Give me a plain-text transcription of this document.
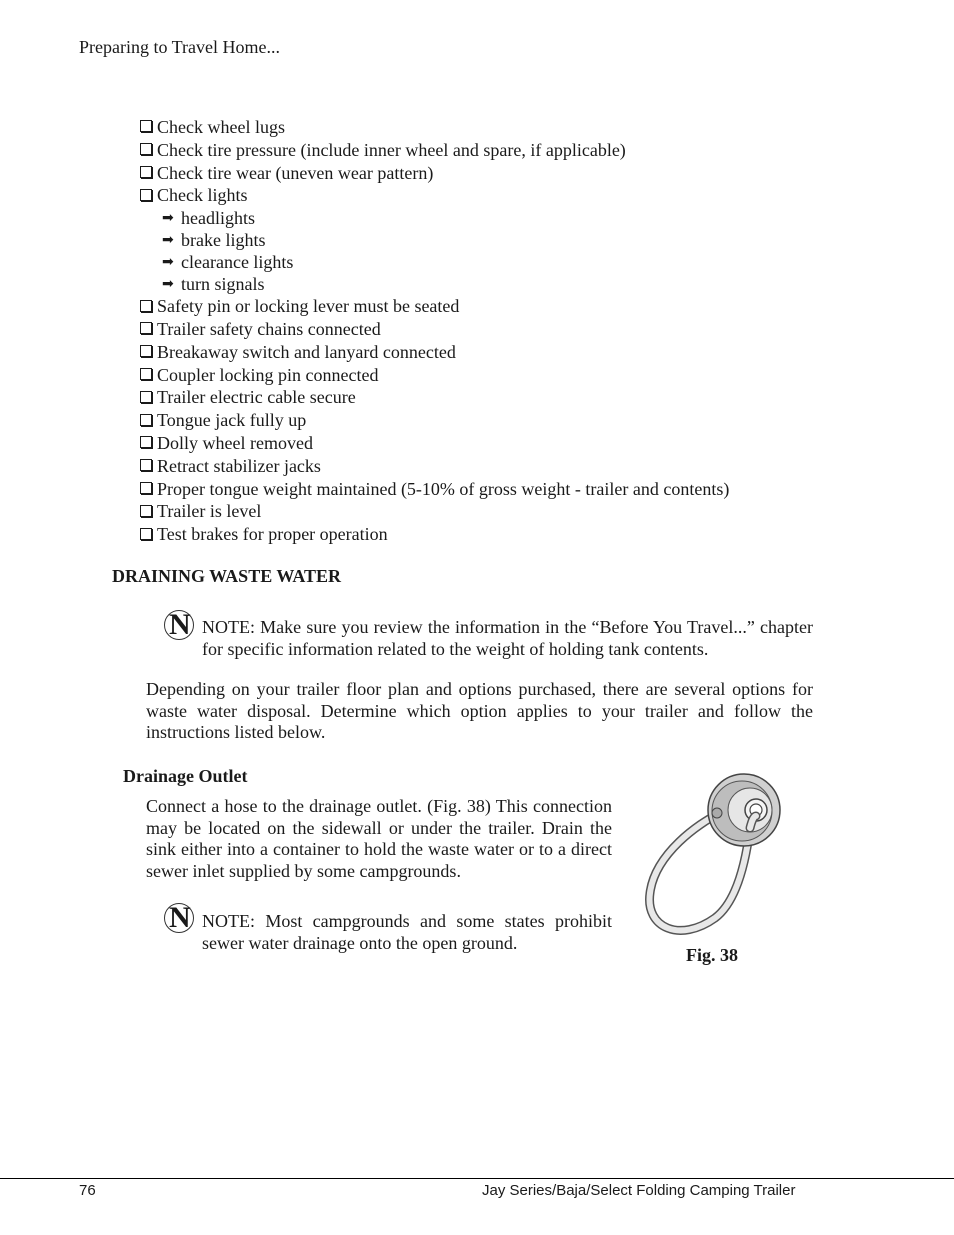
Preparing to Travel Home...
Check wheel lugs
Check tire pressure (include inner wheel and spare, if applicable)
Check tire wear (uneven wear pattern)
Check lights
➡ headlights
➡ brake lights
➡ clearance lights
➡ turn signals
Safety pin or locking lever must be seated
Trailer safety chains connected
Breakaway switch and lanyard connected
Coupler locking pin connected
Trailer electric cable secure
Tongue jack fully up
Dolly wheel removed
Retract stabilizer jacks
Proper tongue weight maintained (5-10% of gross weight - trailer and contents)
Trailer is level
Test brakes for proper operation
DRAINING WASTE WATER
N NOTE: Make sure you review the information in the “Before You Travel...” chapter for specific information related to the weight of holding tank contents.
Depending on your trailer floor plan and options purchased, there are several options for waste water disposal. Determine which option applies to your trailer and follow the instructions listed below.
Drainage Outlet
Connect a hose to the drainage outlet. (Fig. 38) This connection may be located on the sidewall or under the trailer. Drain the sink either into a container to hold the waste water or to a direct sewer inlet supplied by some campgrounds.
N NOTE: Most campgrounds and some states prohibit sewer water drainage onto the open ground.
Fig. 38
76	Jay Series/Baja/Select Folding Camping Trailer
